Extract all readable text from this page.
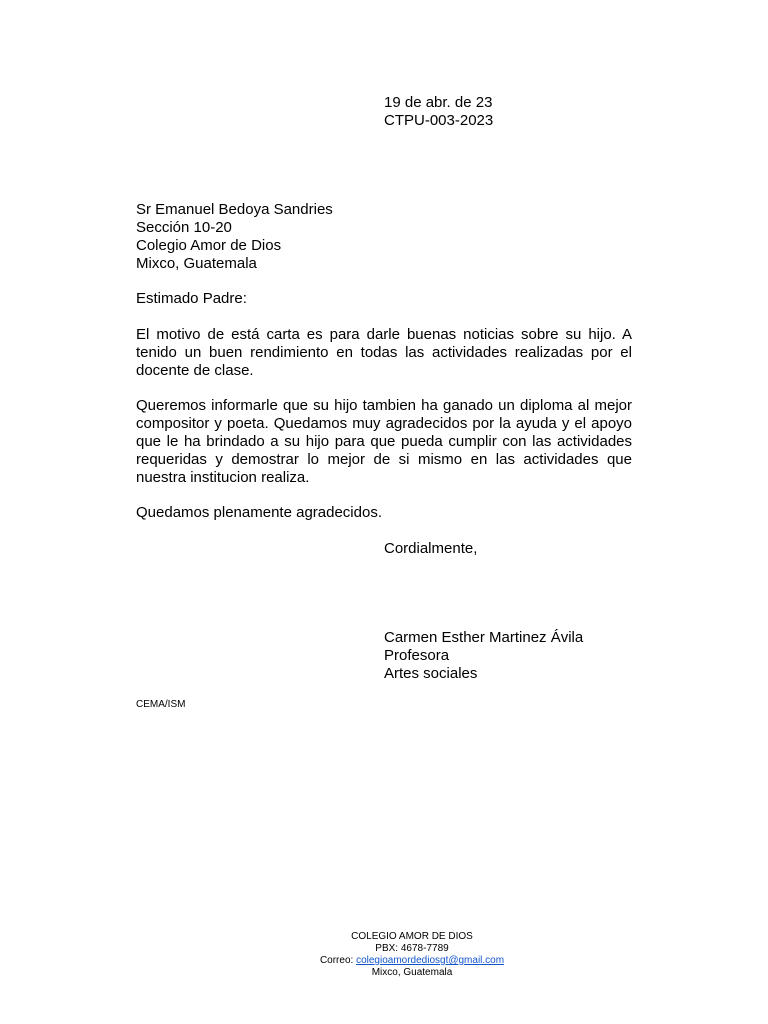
19 de abr. de 23
CTPU-003-2023
Sr Emanuel Bedoya Sandries
Sección 10-20
Colegio Amor de Dios
Mixco, Guatemala
Estimado Padre:

El motivo de está carta es para darle buenas noticias sobre su hijo. A tenido un buen rendimiento en todas las actividades realizadas por el docente de clase.

Queremos informarle que su hijo tambien ha ganado un diploma al mejor compositor y poeta. Quedamos muy agradecidos por la ayuda y el apoyo que le ha brindado a su hijo para que pueda cumplir con las actividades requeridas y demostrar lo mejor de si mismo en las actividades que nuestra institucion realiza.

Quedamos plenamente agradecidos.
Cordialmente,
Carmen Esther Martinez Ávila
Profesora
Artes sociales
CEMA/ISM
COLEGIO AMOR DE DIOS
PBX: 4678-7789
Correo: colegioamordediosgt@gmail.com
Mixco, Guatemala
